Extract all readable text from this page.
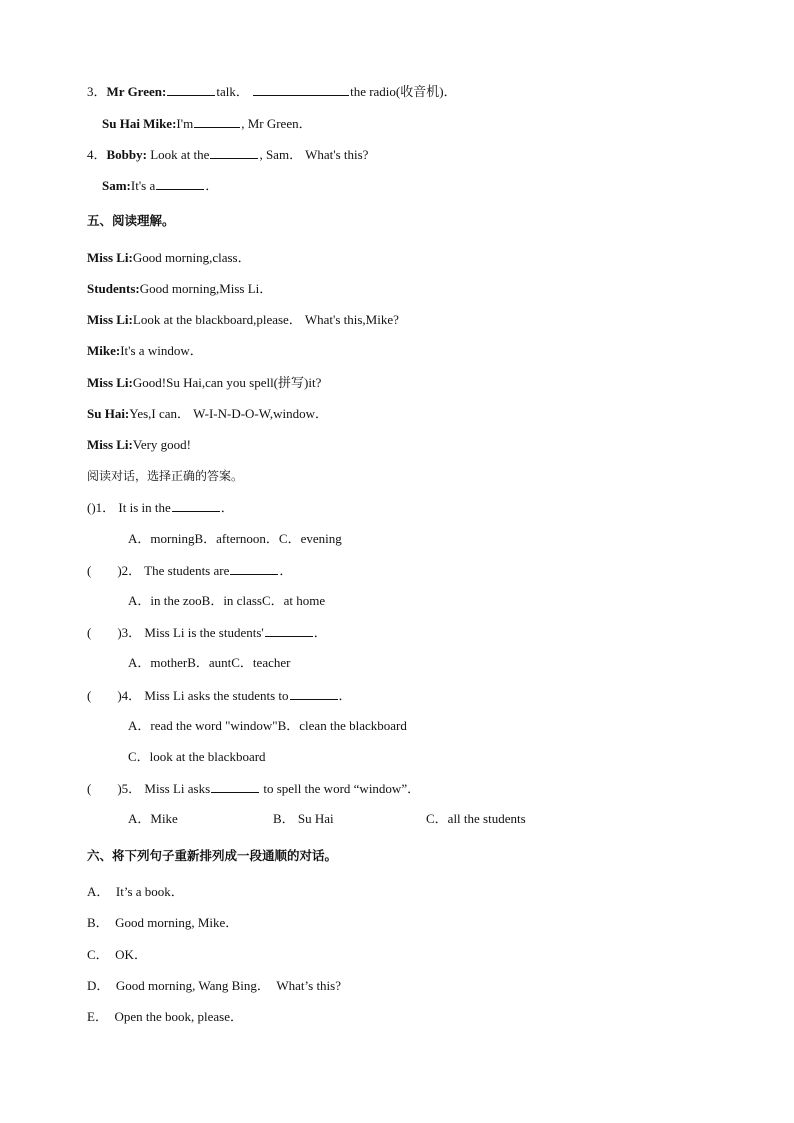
3．Mr Green:	talk．	the radio(收音机)．
Su Hai Mike:I'm	, Mr Green．
4．Bobby: Look at the	, Sam． What's this?
Sam:It's a	．
五、阅读理解。
Miss Li:Good morning,class．
Students:Good morning,Miss Li．
Miss Li:Look at the blackboard,please． What's this,Mike?
Mike:It's a window．
Miss Li:Good!Su Hai,can you spell(拼写)it?
Su Hai:Yes,I can． W-I-N-D-O-W,window．
Miss Li:Very good!
阅读对话，选择正确的答案。
()1． It is in the	．
A．morningB．afternoon．C．evening
(　　)2． The students are	．
A．in the zooB．in classC．at home
(　　)3． Miss Li is the students'	．
A．motherB．auntC．teacher
(　　)4． Miss Li asks the students to	．
A．read the word "window"B．clean the blackboard
C．look at the blackboard
(　　)5． Miss Li asks	to spell the word “window”．
A．Mike	B． Su Hai	C．all the students
六、将下列句子重新排列成一段通顺的对话。
A．　It’s a book．
B．　Good morning, Mike．
C．　OK．
D．　Good morning, Wang Bing．　What’s this?
E．　Open the book, please．
